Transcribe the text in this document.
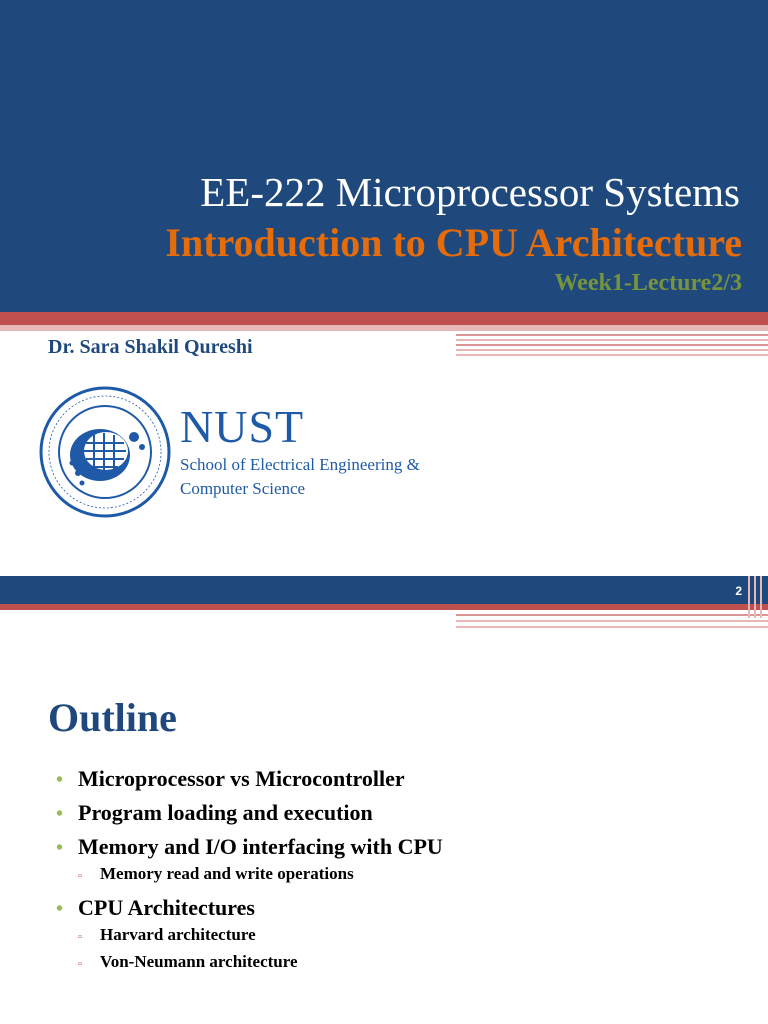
EE-222 Microprocessor Systems
Introduction to CPU Architecture
Week1-Lecture2/3
Dr. Sara Shakil Qureshi
NUST
School of Electrical Engineering &
Computer Science
2
Outline
• Microprocessor vs Microcontroller
• Program loading and execution
• Memory and I/O interfacing with CPU
▫	Memory read and write operations
• CPU Architectures
▫	Harvard architecture
▫	Von-Neumann architecture
